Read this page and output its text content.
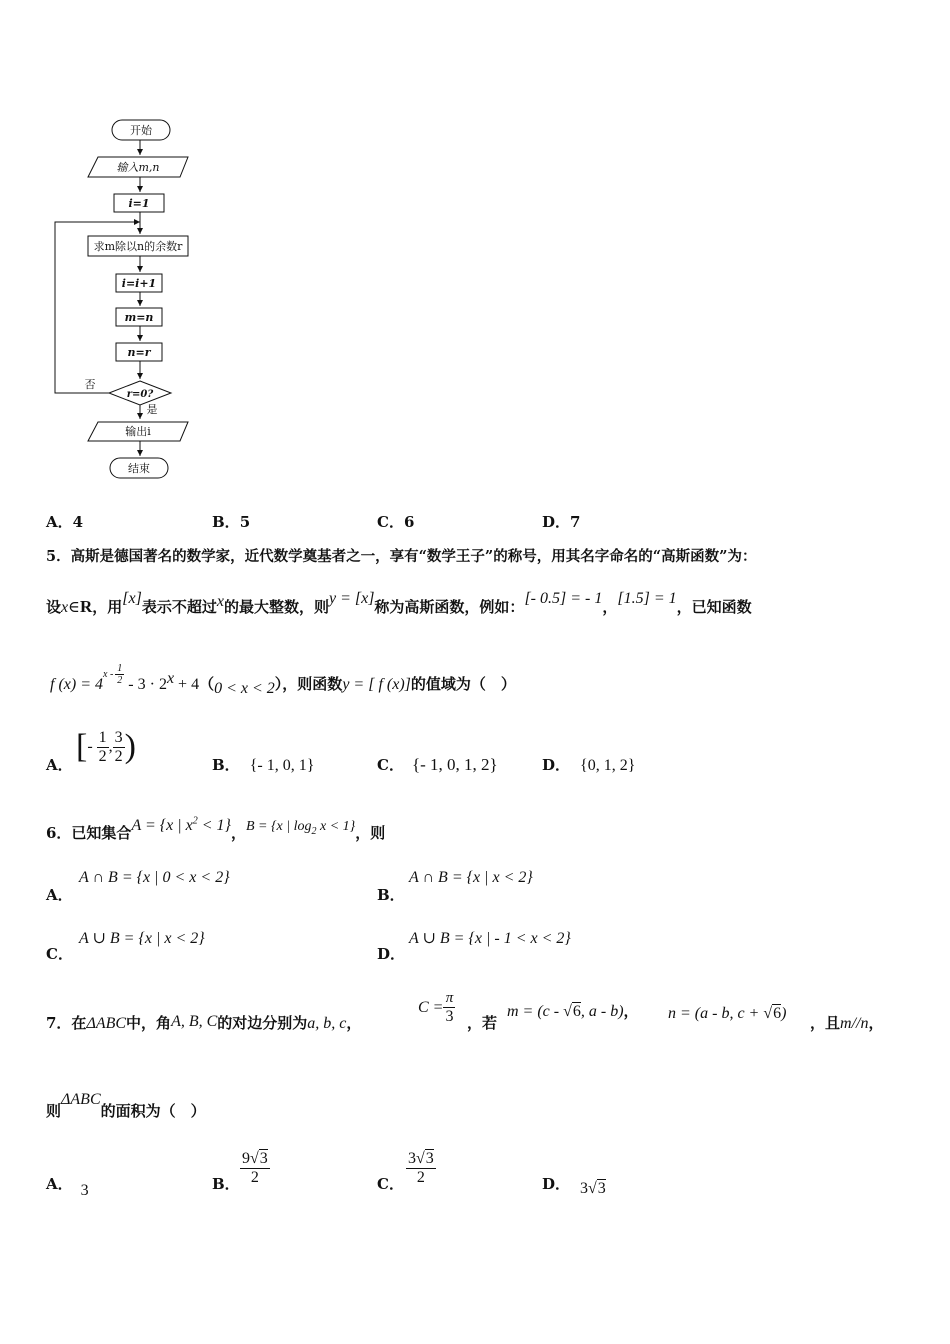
开始
输入m,n
i=1
求m除以n的余数r
i=i+1
m=n
n=r
r=0?
否
是
输出i
结束
A．4	B．5	C．6	D．7
5．高斯是德国著名的数学家，近代数学奠基者之一，享有“数学王子”的称号，用其名字命名的“高斯函数”为：
设x∈R，用[x]表示不超过x的最大整数，则y = [x]称为高斯函数，例如：[- 0.5] = - 1，[1.5] = 1，已知函数
f $(x) = 4^{x - \frac{1}{2}} - 3 \cdot 2^x + 4(0 < x < 2)$，则函数y = [ f (x)]的值域为（　）
A． [- $\frac{1}{2}$ , $\frac{3}{2}$ )	B． {- 1, 0, 1}	C． {- 1, 0, 1, 2}	D． {0, 1, 2}
6．已知集合A = {x | $x^2 < 1$}，B = {x | $\log_2 x < 1$}，则
A．
A ∩ B = {x | 0 < x < 2}
B．
A ∩ B = {x | x < 2}
C．
A ∪ B = {x | x < 2}
D．
A ∪ B = {x | - 1 < x < 2}
7．在ΔABC中，角A, B, C的对边分别为a, b, c，
$C = \frac{\pi}{3}$ ，若
m = (c - √6, a - b)， n = (a - b, c + √6)
，且m//n，
则ΔABC的面积为（　）
A． 3	B． $\frac{9√3}{2}$	C． $\frac{3√3}{2}$	D． 3√3
